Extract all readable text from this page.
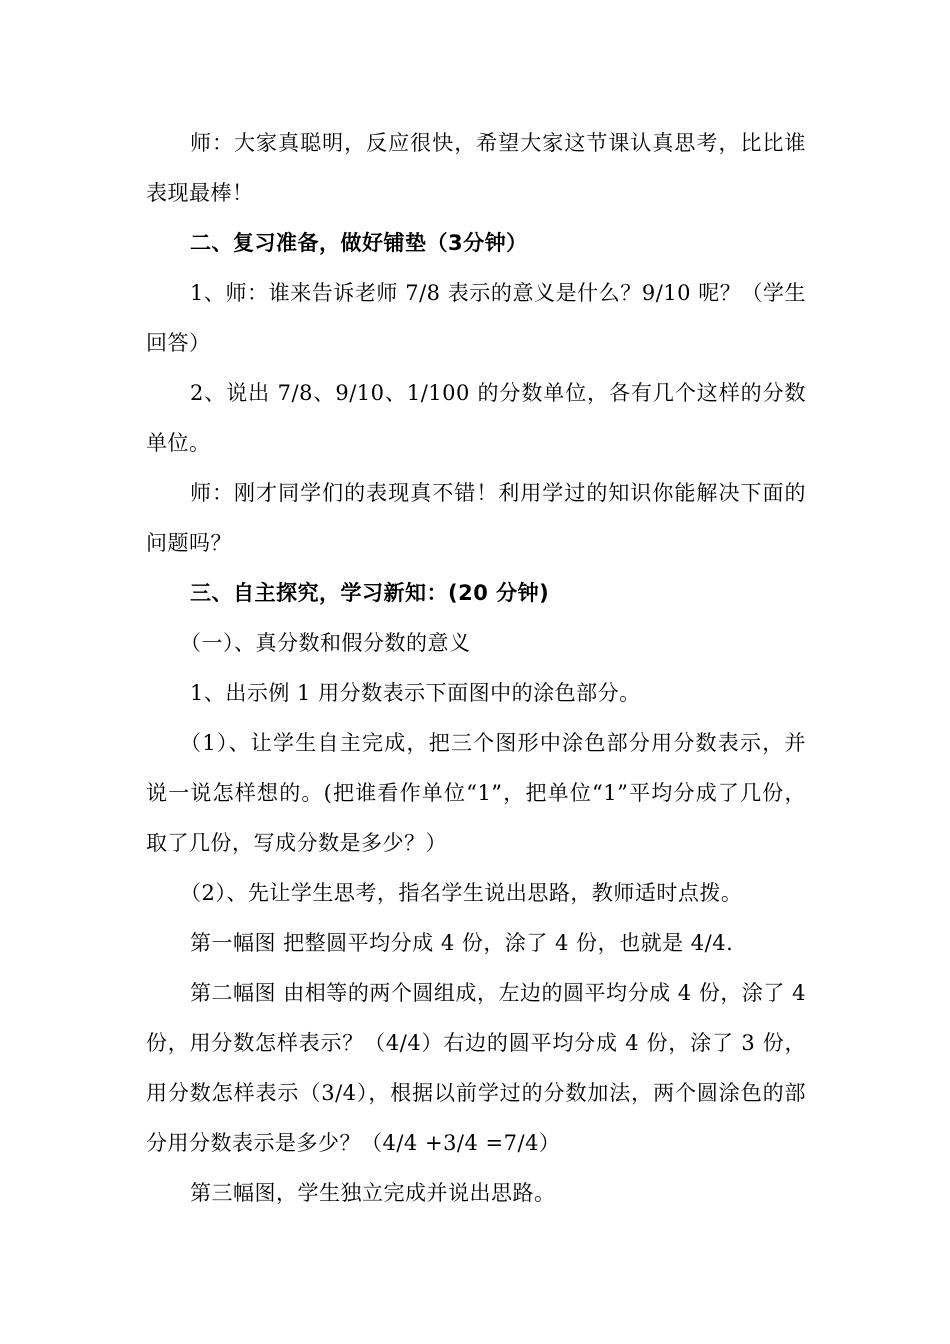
师：大家真聪明，反应很快，希望大家这节课认真思考，比比谁表现最棒！

二、复习准备，做好铺垫（3分钟）

1、师：谁来告诉老师 7/8 表示的意义是什么？9/10 呢？（学生回答）

2、说出 7/8、9/10、1/100 的分数单位，各有几个这样的分数单位。

师：刚才同学们的表现真不错！利用学过的知识你能解决下面的问题吗？

三、自主探究，学习新知：(20 分钟)

（一）、真分数和假分数的意义

1、出示例 1 用分数表示下面图中的涂色部分。

（1）、让学生自主完成，把三个图形中涂色部分用分数表示，并说一说怎样想的。(把谁看作单位“1”，把单位“1”平均分成了几份，取了几份，写成分数是多少？）

（2）、先让学生思考，指名学生说出思路，教师适时点拨。

第一幅图 把整圆平均分成 4 份，涂了 4 份，也就是 4/4.

第二幅图 由相等的两个圆组成，左边的圆平均分成 4 份，涂了 4 份，用分数怎样表示？（4/4）右边的圆平均分成 4 份，涂了 3 份，用分数怎样表示（3/4），根据以前学过的分数加法，两个圆涂色的部分用分数表示是多少？（4/4 +3/4 =7/4）

第三幅图，学生独立完成并说出思路。
